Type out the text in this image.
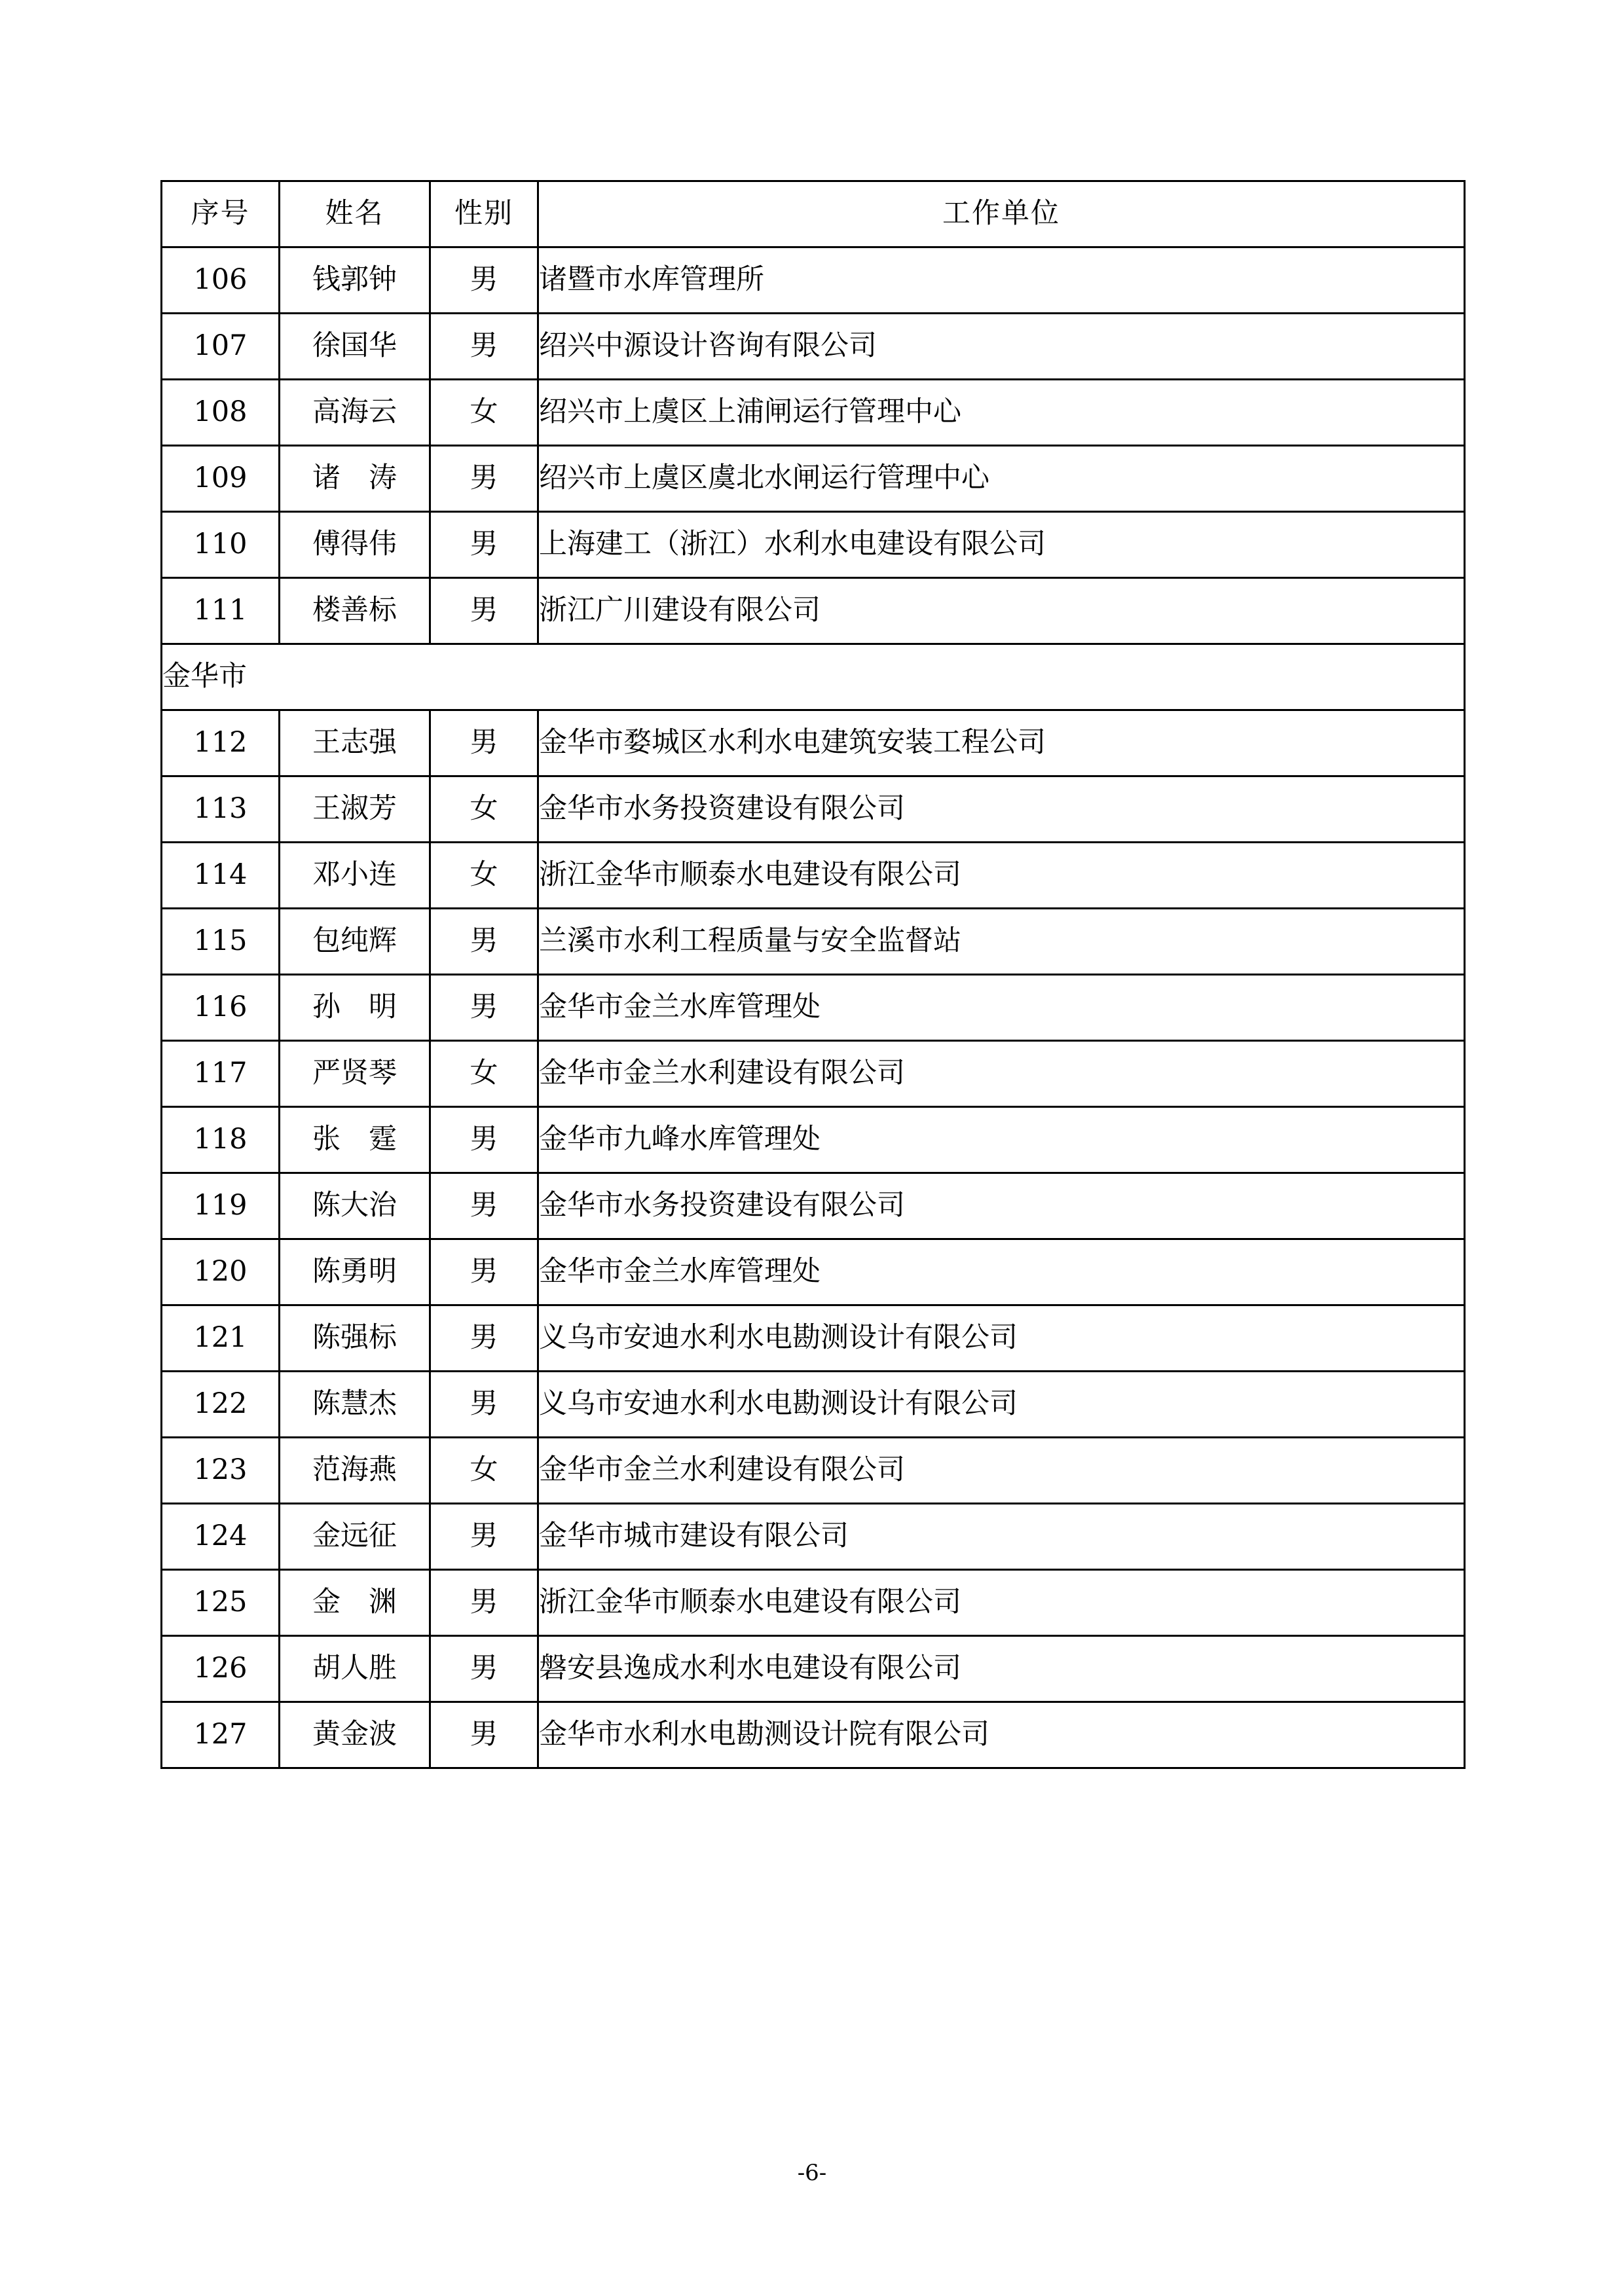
序号	姓名	性别	工作单位
106	钱郭钟	男	诸暨市水库管理所
107	徐国华	男	绍兴中源设计咨询有限公司
108	高海云	女	绍兴市上虞区上浦闸运行管理中心
109	诸　涛	男	绍兴市上虞区虞北水闸运行管理中心
110	傅得伟	男	上海建工（浙江）水利水电建设有限公司
111	楼善标	男	浙江广川建设有限公司
金华市			
112	王志强	男	金华市婺城区水利水电建筑安装工程公司
113	王淑芳	女	金华市水务投资建设有限公司
114	邓小连	女	浙江金华市顺泰水电建设有限公司
115	包纯辉	男	兰溪市水利工程质量与安全监督站
116	孙　明	男	金华市金兰水库管理处
117	严贤琴	女	金华市金兰水利建设有限公司
118	张　霆	男	金华市九峰水库管理处
119	陈大治	男	金华市水务投资建设有限公司
120	陈勇明	男	金华市金兰水库管理处
121	陈强标	男	义乌市安迪水利水电勘测设计有限公司
122	陈慧杰	男	义乌市安迪水利水电勘测设计有限公司
123	范海燕	女	金华市金兰水利建设有限公司
124	金远征	男	金华市城市建设有限公司
125	金　渊	男	浙江金华市顺泰水电建设有限公司
126	胡人胜	男	磐安县逸成水利水电建设有限公司
127	黄金波	男	金华市水利水电勘测设计院有限公司
-6-
